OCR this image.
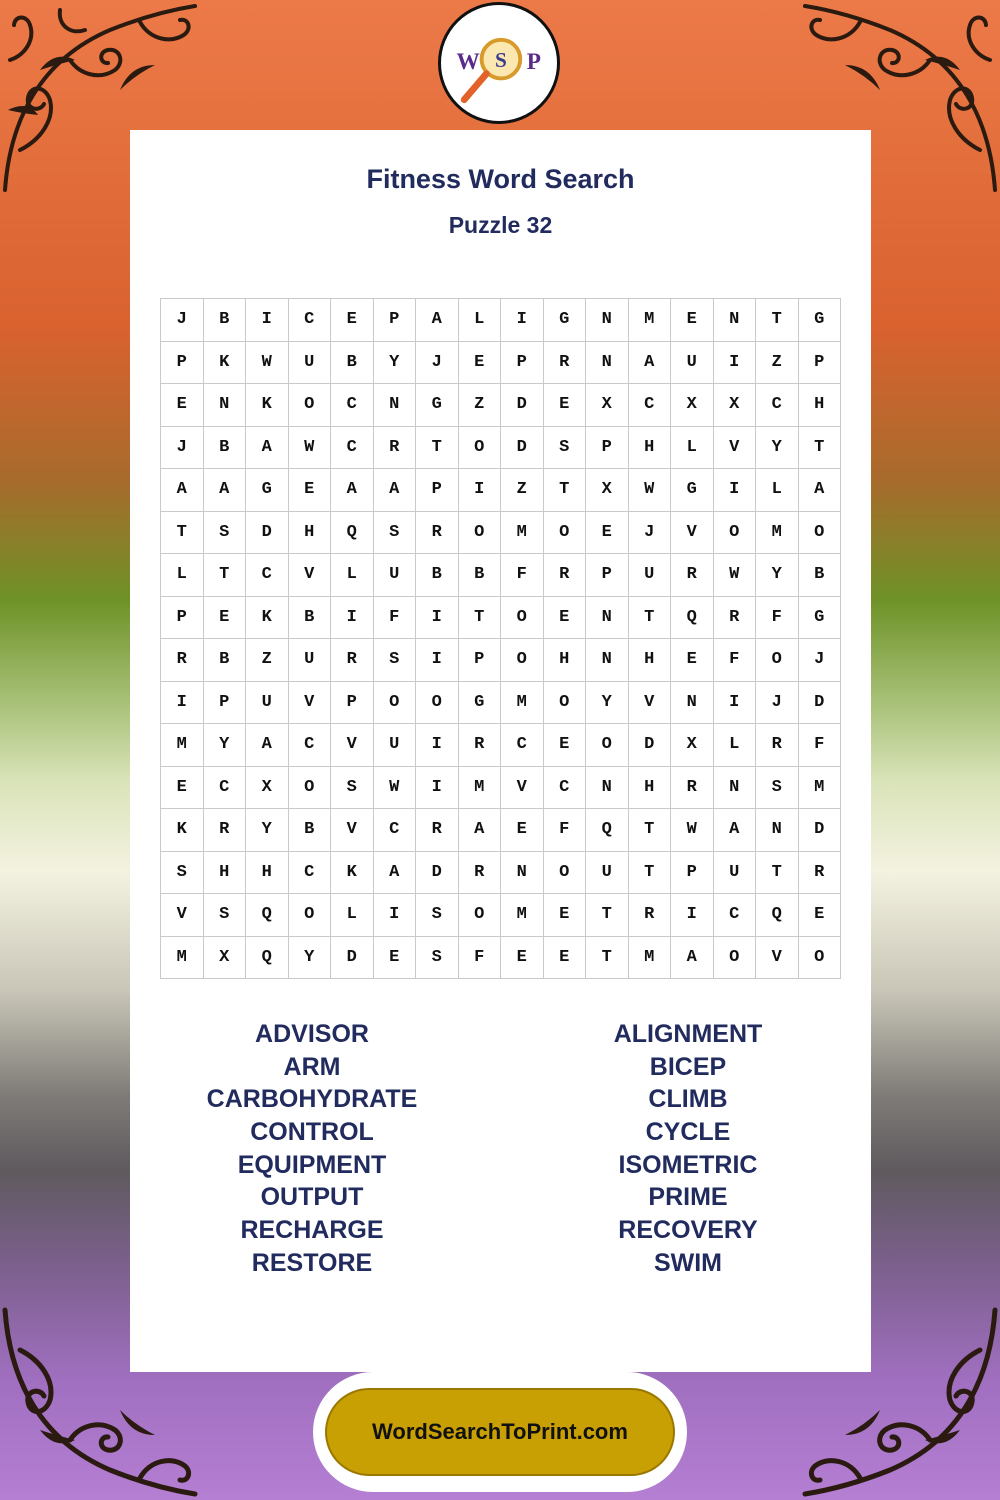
W S P
Fitness Word Search
Puzzle 32
J	B	I	C	E	P	A	L	I	G	N	M	E	N	T	G
P	K	W	U	B	Y	J	E	P	R	N	A	U	I	Z	P
E	N	K	O	C	N	G	Z	D	E	X	C	X	X	C	H
J	B	A	W	C	R	T	O	D	S	P	H	L	V	Y	T
A	A	G	E	A	A	P	I	Z	T	X	W	G	I	L	A
T	S	D	H	Q	S	R	O	M	O	E	J	V	O	M	O
L	T	C	V	L	U	B	B	F	R	P	U	R	W	Y	B
P	E	K	B	I	F	I	T	O	E	N	T	Q	R	F	G
R	B	Z	U	R	S	I	P	O	H	N	H	E	F	O	J
I	P	U	V	P	O	O	G	M	O	Y	V	N	I	J	D
M	Y	A	C	V	U	I	R	C	E	O	D	X	L	R	F
E	C	X	O	S	W	I	M	V	C	N	H	R	N	S	M
K	R	Y	B	V	C	R	A	E	F	Q	T	W	A	N	D
S	H	H	C	K	A	D	R	N	O	U	T	P	U	T	R
V	S	Q	O	L	I	S	O	M	E	T	R	I	C	Q	E
M	X	Q	Y	D	E	S	F	E	E	T	M	A	O	V	O
ADVISOR
ARM
CARBOHYDRATE
CONTROL
EQUIPMENT
OUTPUT
RECHARGE
RESTORE
ALIGNMENT
BICEP
CLIMB
CYCLE
ISOMETRIC
PRIME
RECOVERY
SWIM
WordSearchToPrint.com
